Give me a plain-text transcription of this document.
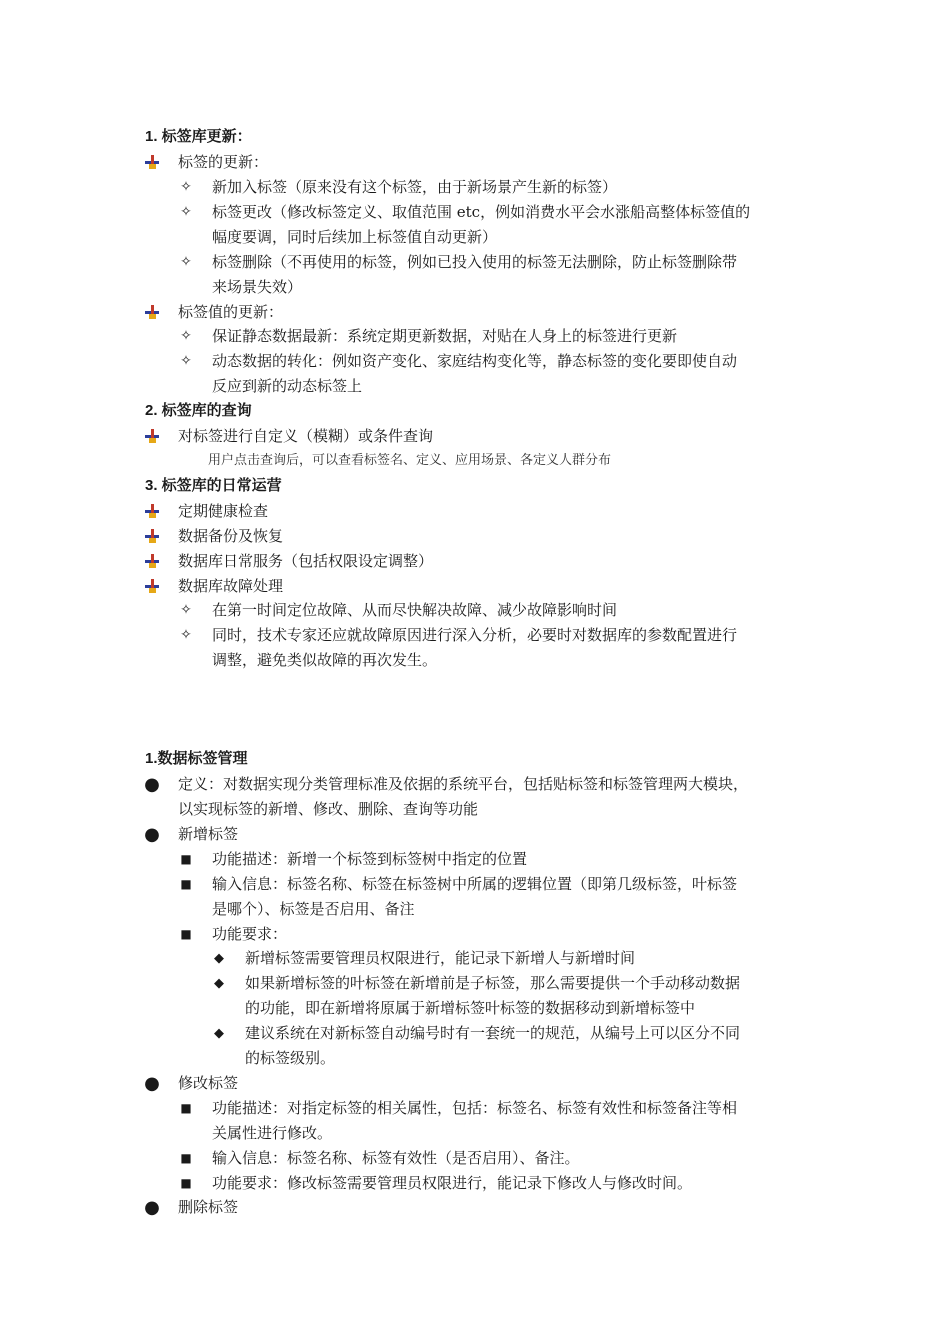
1. 标签库更新：
标签的更新：
✧ 新加入标签（原来没有这个标签，由于新场景产生新的标签）
✧ 标签更改（修改标签定义、取值范围 etc，例如消费水平会水涨船高整体标签值的
幅度要调，同时后续加上标签值自动更新）
✧ 标签删除（不再使用的标签，例如已投入使用的标签无法删除，防止标签删除带
来场景失效）
标签值的更新：
✧ 保证静态数据最新：系统定期更新数据，对贴在人身上的标签进行更新
✧ 动态数据的转化：例如资产变化、家庭结构变化等，静态标签的变化要即使自动
反应到新的动态标签上
2. 标签库的查询
对标签进行自定义（模糊）或条件查询
用户点击查询后，可以查看标签名、定义、应用场景、各定义人群分布
3. 标签库的日常运营
定期健康检查
数据备份及恢复
数据库日常服务（包括权限设定调整）
数据库故障处理
✧ 在第一时间定位故障、从而尽快解决故障、减少故障影响时间
✧ 同时，技术专家还应就故障原因进行深入分析，必要时对数据库的参数配置进行
调整，避免类似故障的再次发生。
1.数据标签管理
● 定义：对数据实现分类管理标准及依据的系统平台，包括贴标签和标签管理两大模块，
以实现标签的新增、修改、删除、查询等功能
● 新增标签
■ 功能描述：新增一个标签到标签树中指定的位置
■ 输入信息：标签名称、标签在标签树中所属的逻辑位置（即第几级标签，叶标签
是哪个）、标签是否启用、备注
■ 功能要求：
◆ 新增标签需要管理员权限进行，能记录下新增人与新增时间
◆ 如果新增标签的叶标签在新增前是子标签，那么需要提供一个手动移动数据
的功能，即在新增将原属于新增标签叶标签的数据移动到新增标签中
◆ 建议系统在对新标签自动编号时有一套统一的规范，从编号上可以区分不同
的标签级别。
● 修改标签
■ 功能描述：对指定标签的相关属性，包括：标签名、标签有效性和标签备注等相
关属性进行修改。
■ 输入信息：标签名称、标签有效性（是否启用）、备注。
■ 功能要求：修改标签需要管理员权限进行，能记录下修改人与修改时间。
● 删除标签
